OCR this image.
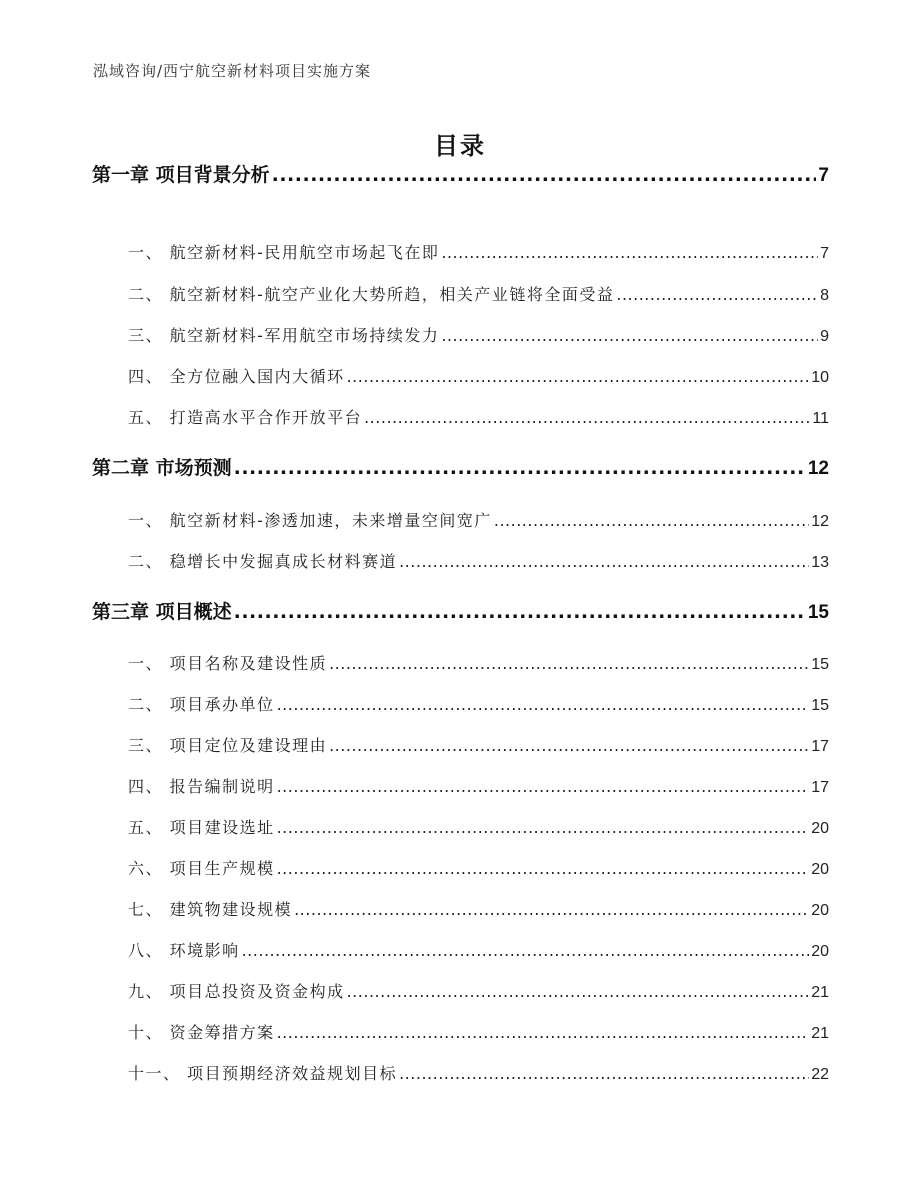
泓域咨询/西宁航空新材料项目实施方案
目录
第一章 项目背景分析 .....	7
一、 航空新材料-民用航空市场起飞在即 .....	7
二、 航空新材料-航空产业化大势所趋，相关产业链将全面受益 .....	8
三、 航空新材料-军用航空市场持续发力 .....	9
四、 全方位融入国内大循环 .....	10
五、 打造高水平合作开放平台 .....	11
第二章 市场预测 .....	12
一、 航空新材料-渗透加速，未来增量空间宽广 .....	12
二、 稳增长中发掘真成长材料赛道 .....	13
第三章 项目概述 .....	15
一、 项目名称及建设性质 .....	15
二、 项目承办单位 .....	15
三、 项目定位及建设理由 .....	17
四、 报告编制说明 .....	17
五、 项目建设选址 .....	20
六、 项目生产规模 .....	20
七、 建筑物建设规模 .....	20
八、 环境影响 .....	20
九、 项目总投资及资金构成 .....	21
十、 资金筹措方案 .....	21
十一、 项目预期经济效益规划目标 .....	22
